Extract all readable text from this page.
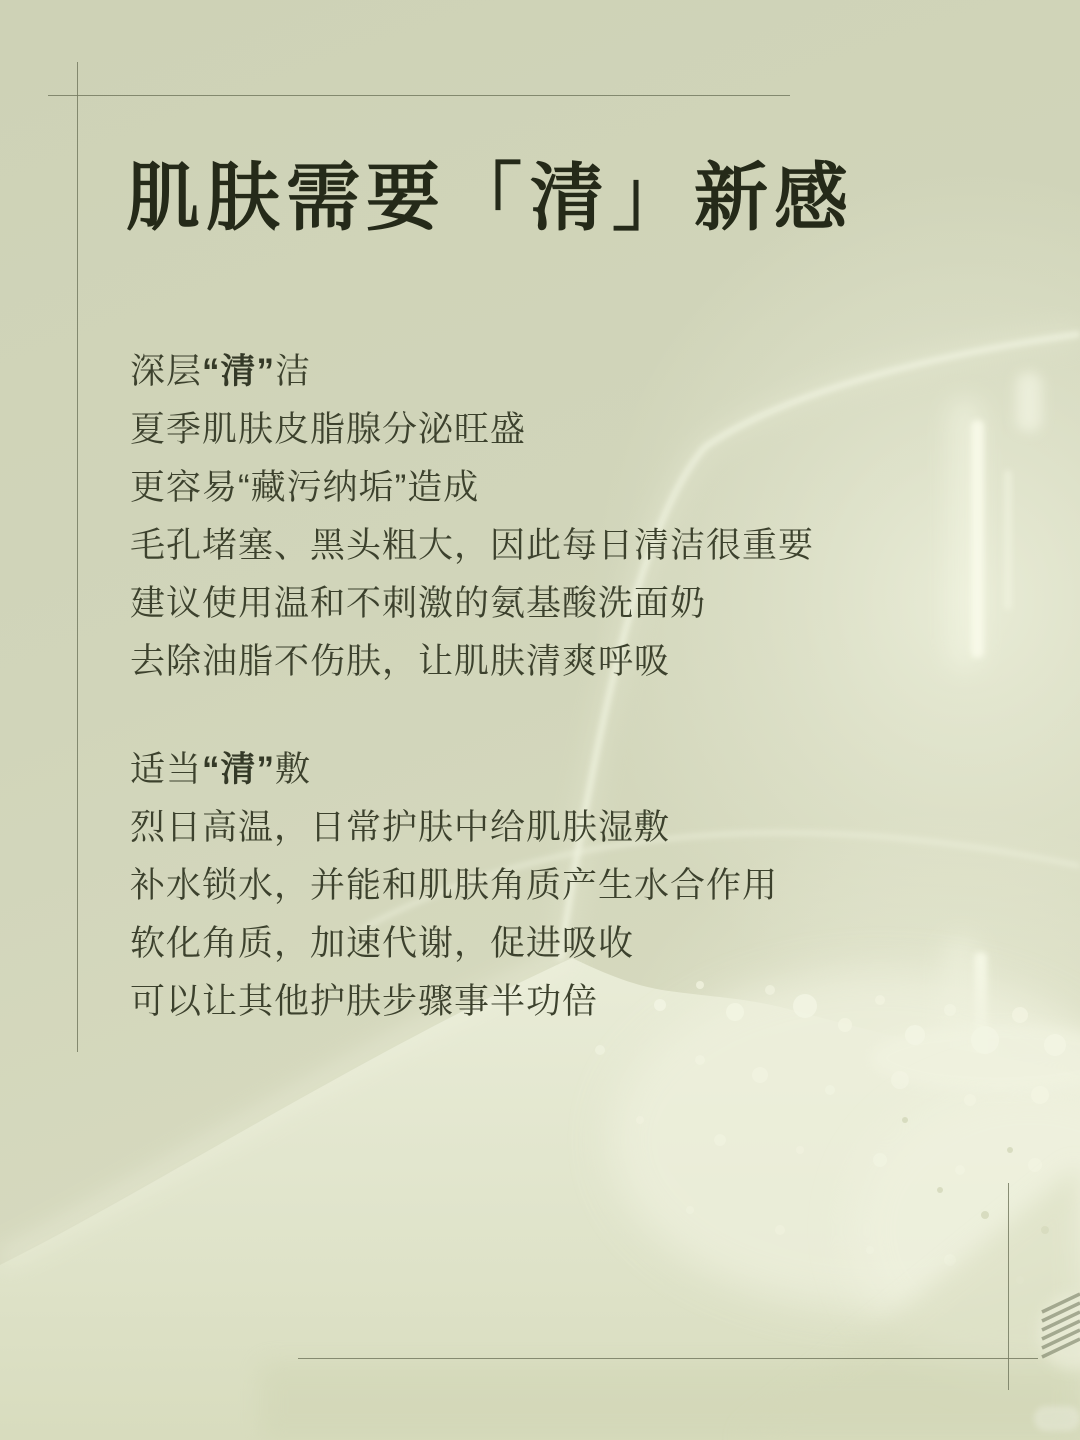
肌肤需要「清」新感

深层“清”洁

夏季肌肤皮脂腺分泌旺盛

更容易“藏污纳垢”造成

毛孔堵塞、黑头粗大，因此每日清洁很重要

建议使用温和不刺激的氨基酸洗面奶

去除油脂不伤肤，让肌肤清爽呼吸

适当“清”敷

烈日高温，日常护肤中给肌肤湿敷

补水锁水，并能和肌肤角质产生水合作用

软化角质，加速代谢，促进吸收

可以让其他护肤步骤事半功倍
